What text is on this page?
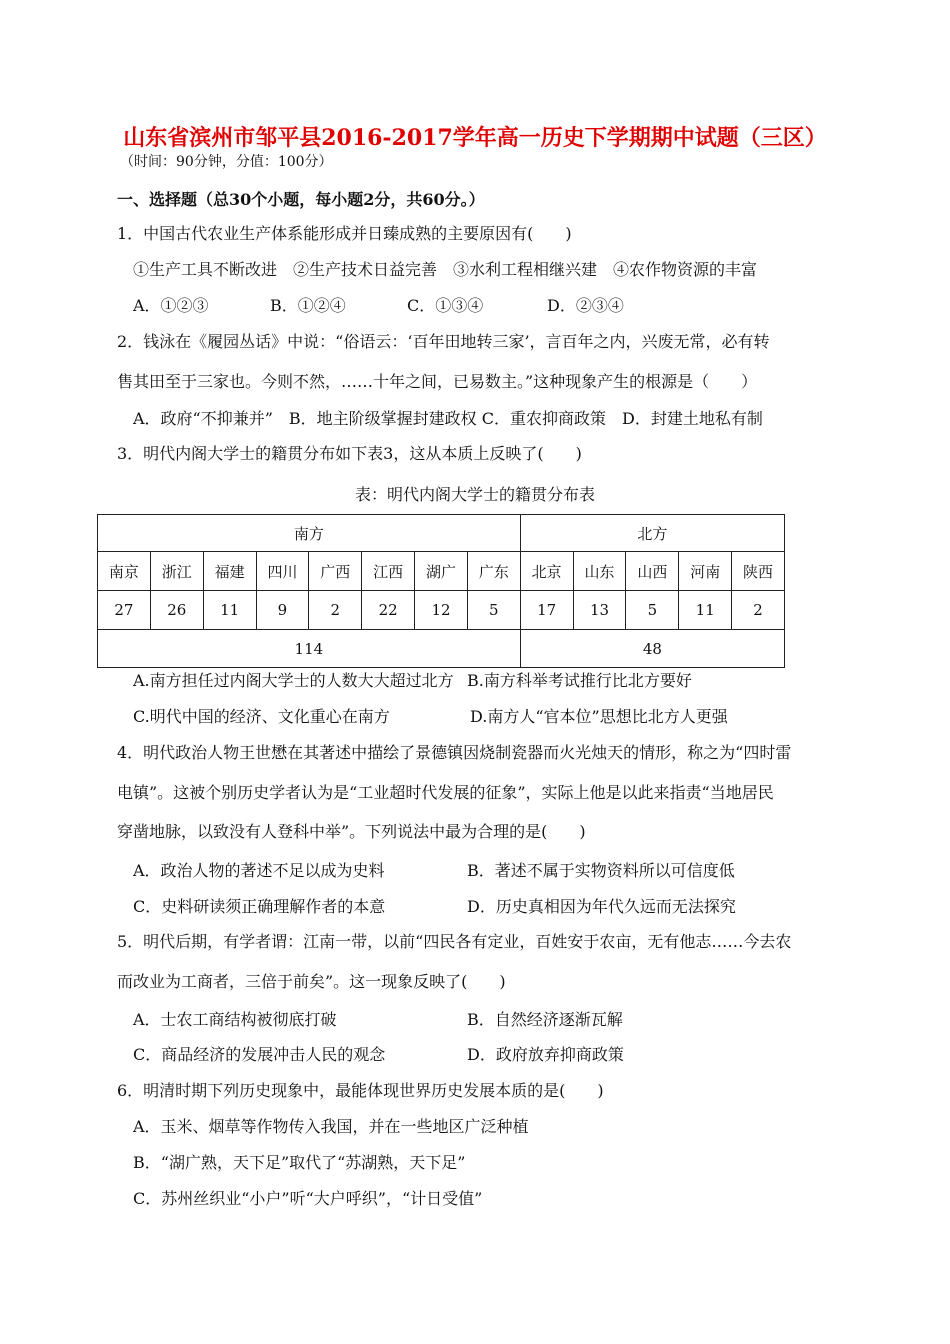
山东省滨州市邹平县2016-2017学年高一历史下学期期中试题（三区）
（时间：90分钟，分值：100分）
一、选择题（总30个小题，每小题2分，共60分。）
1．中国古代农业生产体系能形成并日臻成熟的主要原因有(　　)
①生产工具不断改进　②生产技术日益完善　③水利工程相继兴建　④农作物资源的丰富
A．①②③	B．①②④	C．①③④	D．②③④
2．钱泳在《履园丛话》中说：“俗语云：‘百年田地转三家’，言百年之内，兴废无常，必有转
售其田至于三家也。今则不然，……十年之间，已易数主。”这种现象产生的根源是（　　）
A．政府“不抑兼并”　B．地主阶级掌握封建政权 C．重农抑商政策　D．封建土地私有制
3．明代内阁大学士的籍贯分布如下表3，这从本质上反映了(　　)
表：明代内阁大学士的籍贯分布表
南方								北方				
南京	浙江	福建	四川	广西	江西	湖广	广东	北京	山东	山西	河南	陕西
27	26	11	9	2	22	12	5	17	13	5	11	2
114								48				
A.南方担任过内阁大学士的人数大大超过北方 B.南方科举考试推行比北方要好
C.明代中国的经济、文化重心在南方	D.南方人“官本位”思想比北方人更强
4．明代政治人物王世懋在其著述中描绘了景德镇因烧制瓷器而火光烛天的情形，称之为“四时雷
电镇”。这被个别历史学者认为是“工业超时代发展的征象”，实际上他是以此来指责“当地居民
穿凿地脉，以致没有人登科中举”。下列说法中最为合理的是(　　)
A．政治人物的著述不足以成为史料	B．著述不属于实物资料所以可信度低
C．史料研读须正确理解作者的本意	D．历史真相因为年代久远而无法探究
5．明代后期，有学者谓：江南一带，以前“四民各有定业，百姓安于农亩，无有他志……今去农
而改业为工商者，三倍于前矣”。这一现象反映了(　　)
A．士农工商结构被彻底打破	B．自然经济逐渐瓦解
C．商品经济的发展冲击人民的观念	D．政府放弃抑商政策
6．明清时期下列历史现象中，最能体现世界历史发展本质的是(　　)
A．玉米、烟草等作物传入我国，并在一些地区广泛种植
B．“湖广熟，天下足”取代了“苏湖熟，天下足”
C．苏州丝织业“小户”听“大户呼织”，“计日受值”
